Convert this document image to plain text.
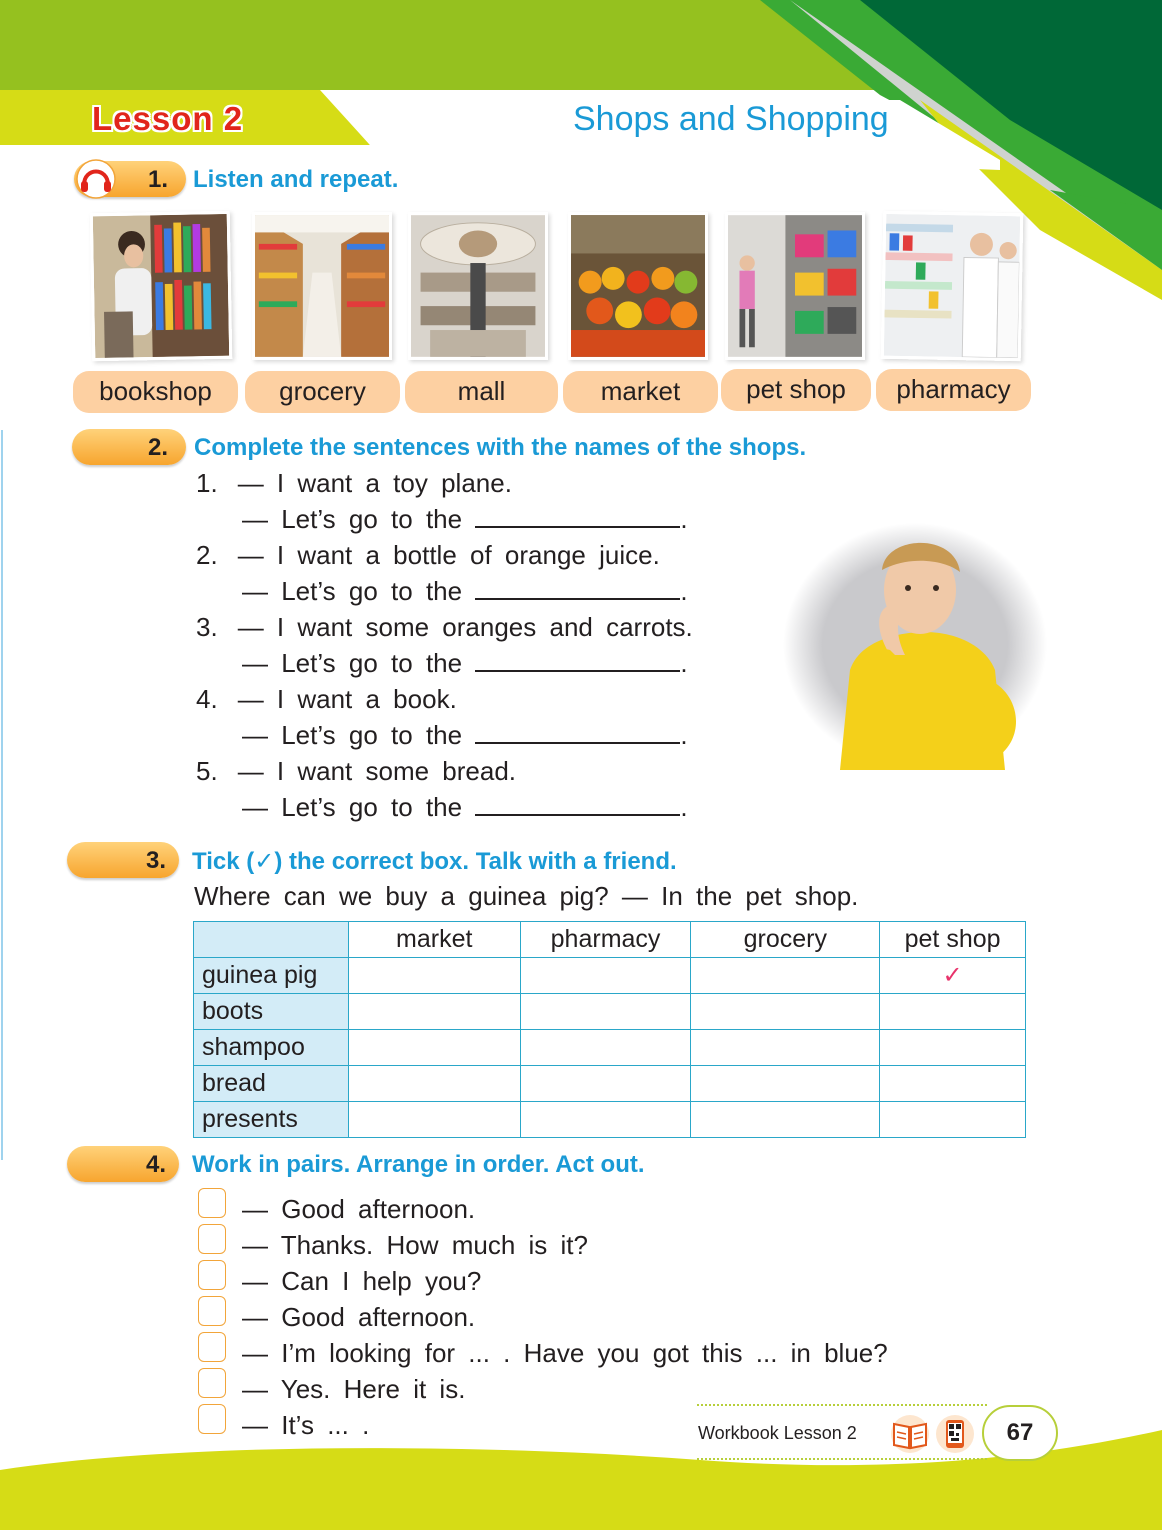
Lesson 2	Shops and Shopping
1. Listen and repeat.
bookshop	grocery	mall	market	pet shop	pharmacy
2. Complete the sentences with the names of the shops.
1. — I want a toy plane.
— Let’s go to the	.
2. — I want a bottle of orange juice.
— Let’s go to the	.
3. — I want some oranges and carrots.
— Let’s go to the	.
4. — I want a book.
— Let’s go to the	.
5. — I want some bread.
— Let’s go to the	.
3. Tick (✓) the correct box. Talk with a friend.
Where can we buy a guinea pig? — In the pet shop.
	market	pharmacy	grocery	pet shop
guinea pig				✓
boots				
shampoo				
bread				
presents				
4. Work in pairs. Arrange in order. Act out.
— Good afternoon.
— Thanks. How much is it?
— Can I help you?
— Good afternoon.
— I’m looking for ... . Have you got this ... in blue?
— Yes. Here it is.
— It’s ... .	Workbook Lesson 2	67
